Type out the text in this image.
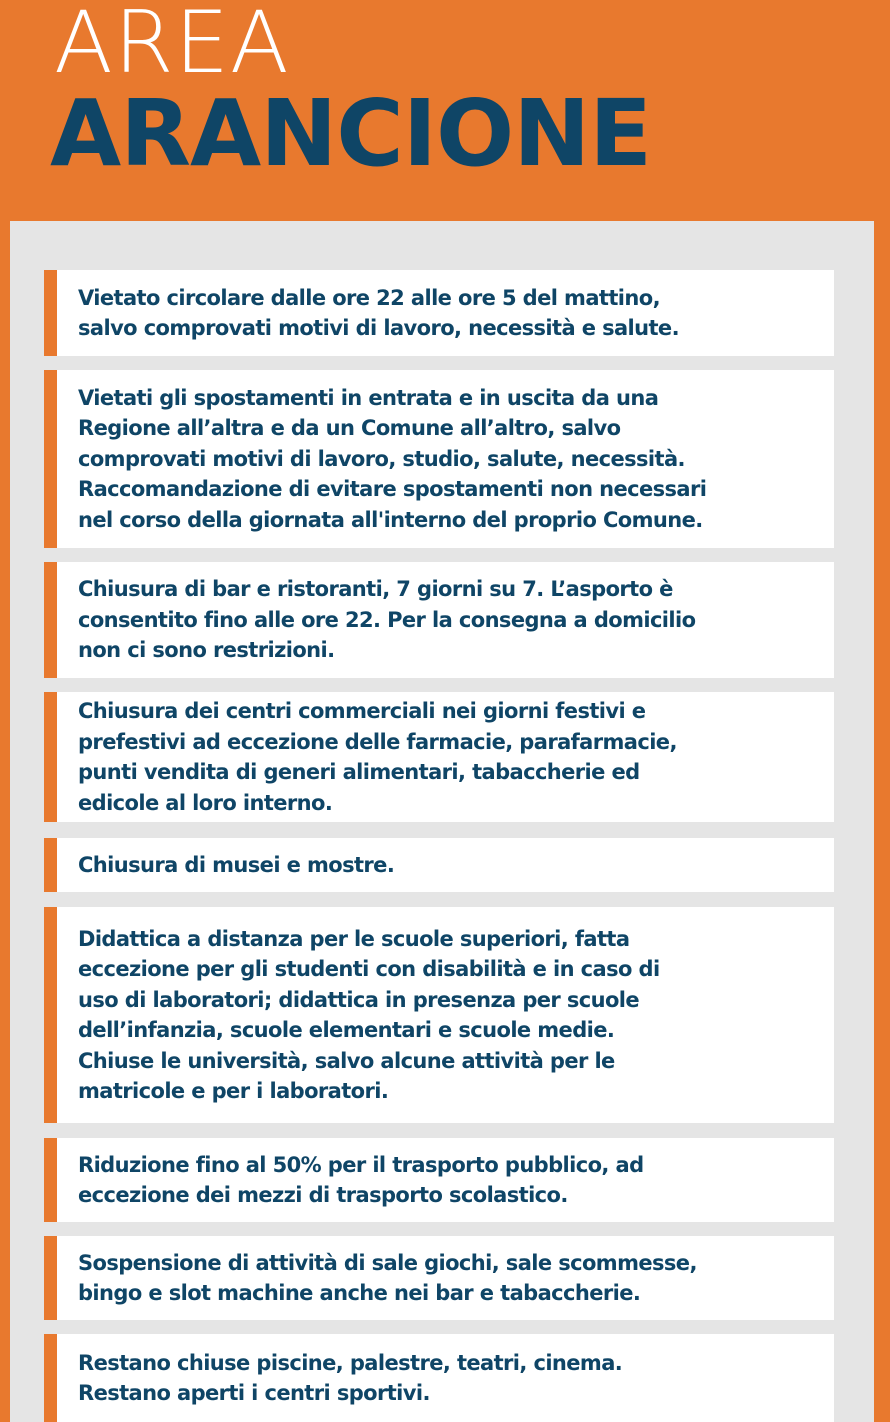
AREA
ARANCIONE

Vietato circolare dalle ore 22 alle ore 5 del mattino,
salvo comprovati motivi di lavoro, necessità e salute.

Vietati gli spostamenti in entrata e in uscita da una
Regione all’altra e da un Comune all’altro, salvo
comprovati motivi di lavoro, studio, salute, necessità.
Raccomandazione di evitare spostamenti non necessari
nel corso della giornata all'interno del proprio Comune.

Chiusura di bar e ristoranti, 7 giorni su 7. L’asporto è
consentito fino alle ore 22. Per la consegna a domicilio
non ci sono restrizioni.

Chiusura dei centri commerciali nei giorni festivi e
prefestivi ad eccezione delle farmacie, parafarmacie,
punti vendita di generi alimentari, tabaccherie ed
edicole al loro interno.

Chiusura di musei e mostre.

Didattica a distanza per le scuole superiori, fatta
eccezione per gli studenti con disabilità e in caso di
uso di laboratori; didattica in presenza per scuole
dell’infanzia, scuole elementari e scuole medie.
Chiuse le università, salvo alcune attività per le
matricole e per i laboratori.

Riduzione fino al 50% per il trasporto pubblico, ad
eccezione dei mezzi di trasporto scolastico.

Sospensione di attività di sale giochi, sale scommesse,
bingo e slot machine anche nei bar e tabaccherie.

Restano chiuse piscine, palestre, teatri, cinema.
Restano aperti i centri sportivi.
